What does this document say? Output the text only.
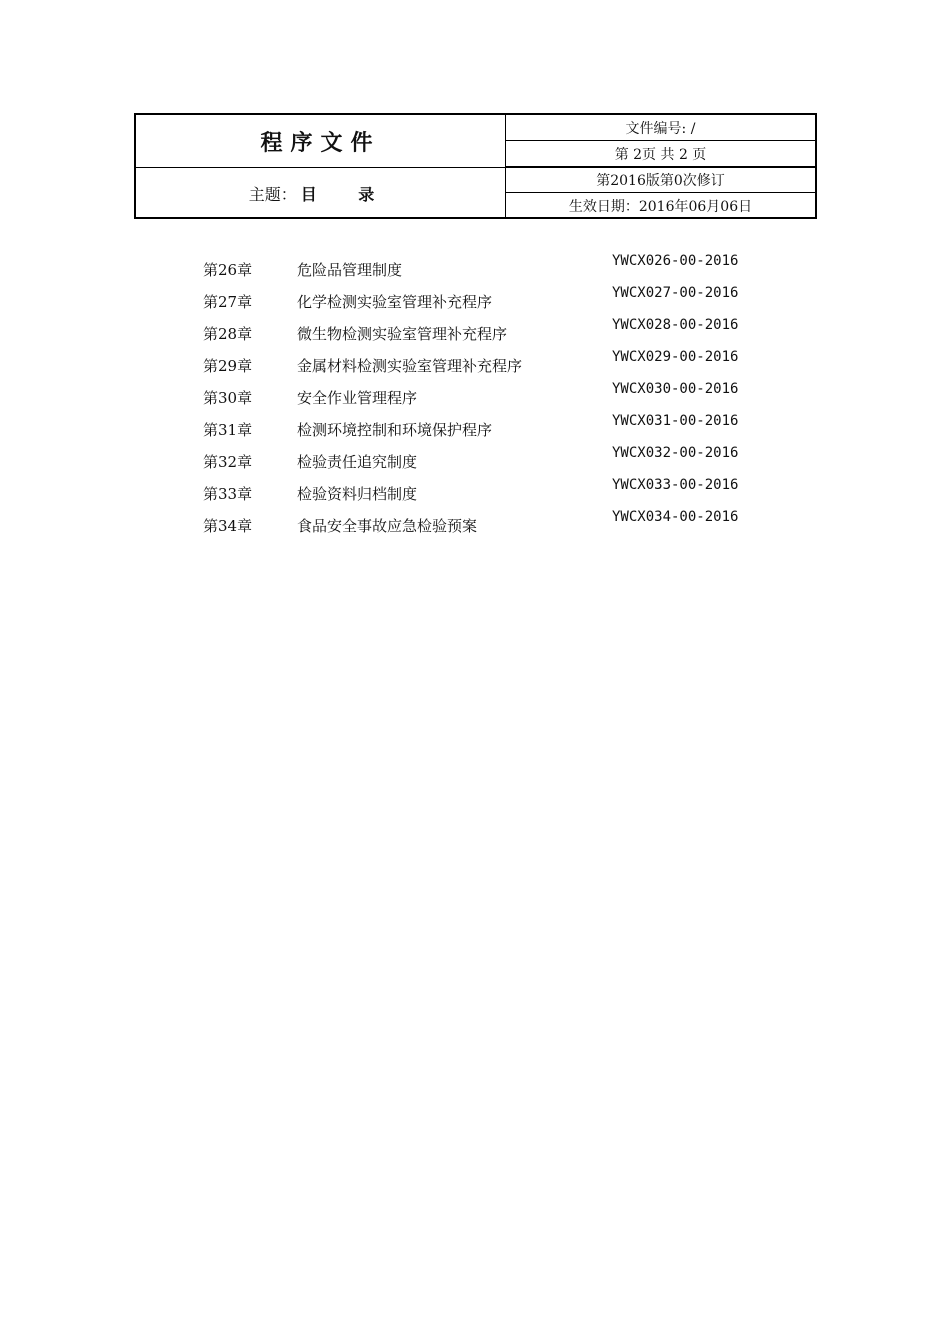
程序文件
主题： 目 录
文件编号: /
第 2页 共 2 页
第2016版第0次修订
生效日期：2016年06月06日
第26章	危险品管理制度	YWCX026-00-2016
第27章	化学检测实验室管理补充程序	YWCX027-00-2016
第28章	微生物检测实验室管理补充程序	YWCX028-00-2016
第29章	金属材料检测实验室管理补充程序	YWCX029-00-2016
第30章	安全作业管理程序	YWCX030-00-2016
第31章	检测环境控制和环境保护程序	YWCX031-00-2016
第32章	检验责任追究制度	YWCX032-00-2016
第33章	检验资料归档制度	YWCX033-00-2016
第34章	食品安全事故应急检验预案	YWCX034-00-2016
